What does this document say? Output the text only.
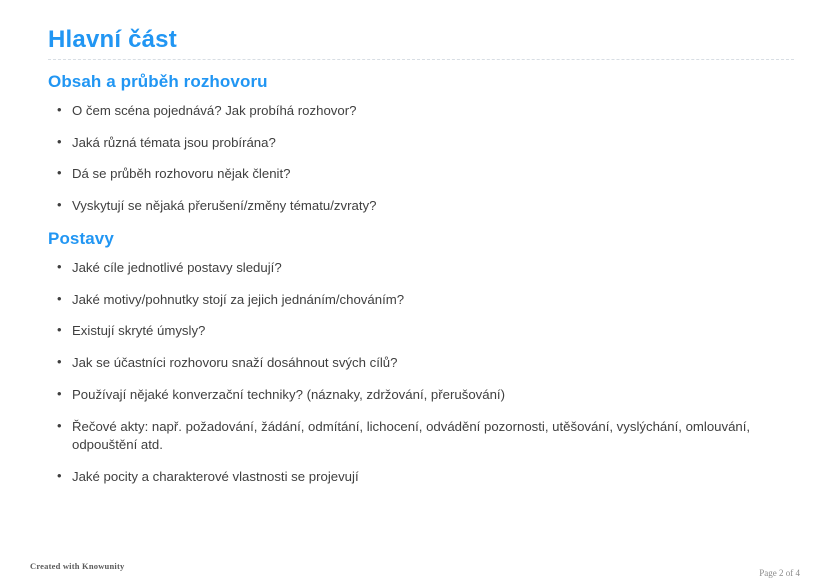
Hlavní část
Obsah a průběh rozhovoru
• O čem scéna pojednává? Jak probíhá rozhovor?
• Jaká různá témata jsou probírána?
• Dá se průběh rozhovoru nějak členit?
• Vyskytují se nějaká přerušení/změny tématu/zvraty?
Postavy
• Jaké cíle jednotlivé postavy sledují?
• Jaké motivy/pohnutky stojí za jejich jednáním/chováním?
• Existují skryté úmysly?
• Jak se účastníci rozhovoru snaží dosáhnout svých cílů?
• Používají nějaké konverzační techniky? (náznaky, zdržování, přerušování)
• Řečové akty: např. požadování, žádání, odmítání, lichocení, odvádění pozornosti, utěšování, vyslýchání, omlouvání, odpouštění atd.
• Jaké pocity a charakterové vlastnosti se projevují
Created with Knowunity
Page 2 of 4
